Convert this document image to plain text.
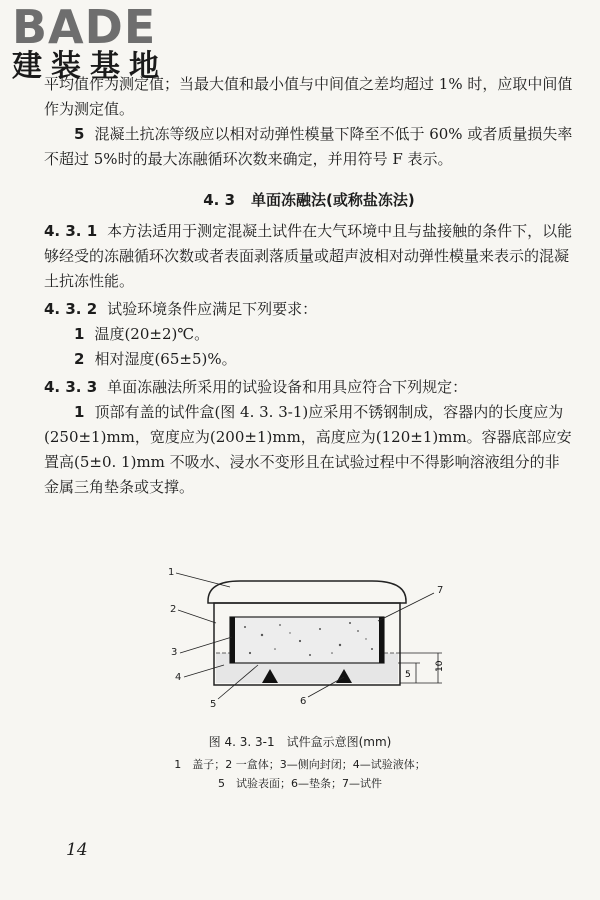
BADE
建装基地

平均值作为测定值；当最大值和最小值与中间值之差均超过 1% 时，应取中间值作为测定值。

5 混凝土抗冻等级应以相对动弹性模量下降至不低于 60% 或者质量损失率不超过 5%时的最大冻融循环次数来确定，并用符号 F 表示。

4. 3 单面冻融法(或称盐冻法)

4. 3. 1 本方法适用于测定混凝土试件在大气环境中且与盐接触的条件下，以能够经受的冻融循环次数或者表面剥落质量或超声波相对动弹性模量来表示的混凝土抗冻性能。

4. 3. 2 试验环境条件应满足下列要求：

1 温度(20±2)℃。

2 相对湿度(65±5)%。

4. 3. 3 单面冻融法所采用的试验设备和用具应符合下列规定：

1 顶部有盖的试件盒(图 4. 3. 3-1)应采用不锈钢制成，容器内的长度应为(250±1)mm，宽度应为(200±1)mm，高度应为(120±1)mm。容器底部应安置高(5±0. 1)mm 不吸水、浸水不变形且在试验过程中不得影响溶液组分的非金属三角垫条或支撑。

5
10
1
2
3
4
5	6
7
图 4. 3. 3-1　试件盒示意图(mm)
1　盖子；2 一盒体；3—侧向封闭；4—试验液体；
5　试验表面；6—垫条；7—试件
14
